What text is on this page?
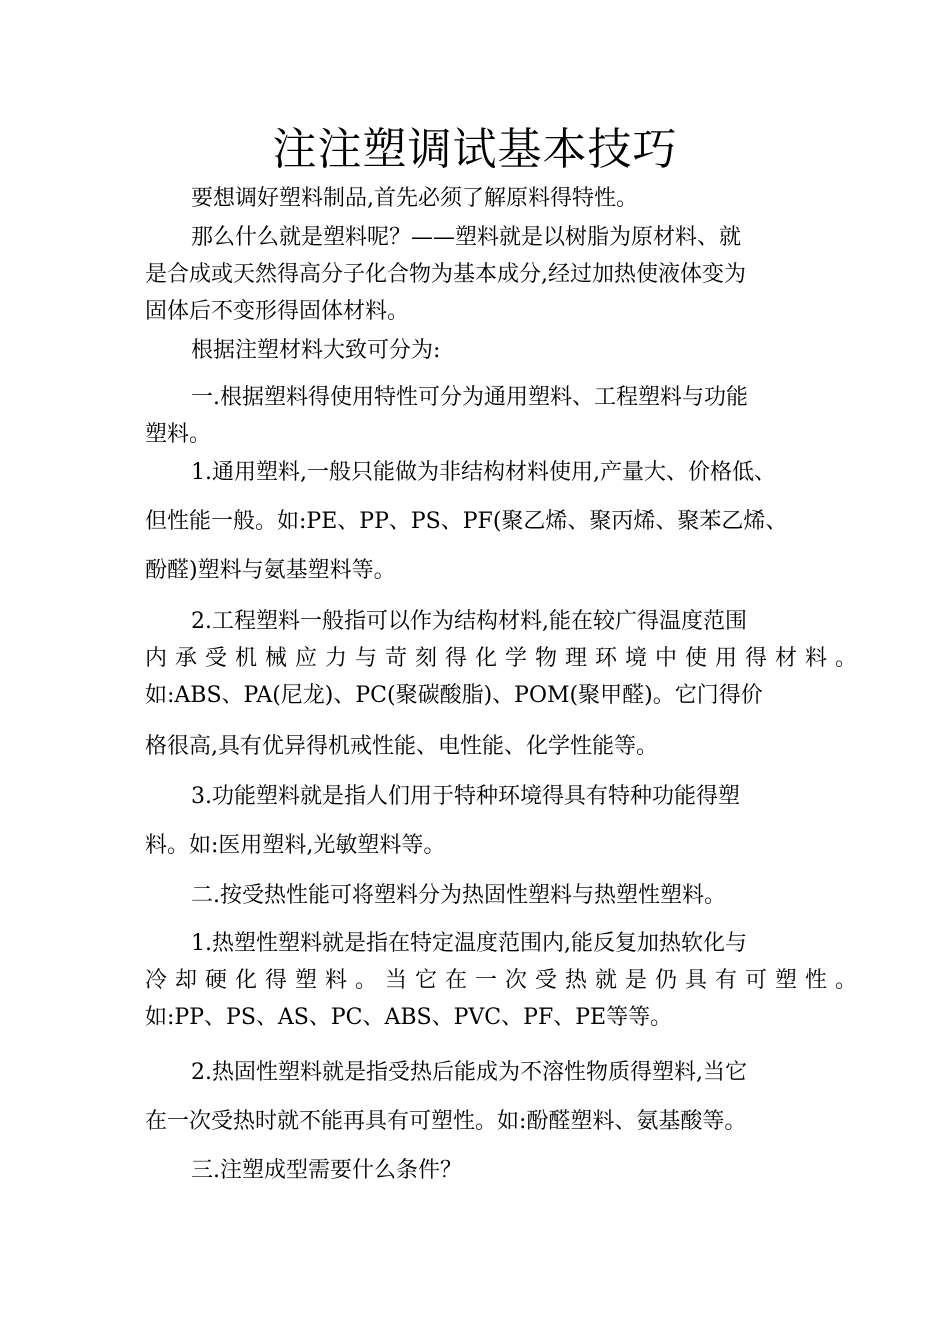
注注塑调试基本技巧
要想调好塑料制品,首先必须了解原料得特性。
那么什么就是塑料呢？——塑料就是以树脂为原材料、就
是合成或天然得高分子化合物为基本成分,经过加热使液体变为
固体后不变形得固体材料。
根据注塑材料大致可分为:
一.根据塑料得使用特性可分为通用塑料、工程塑料与功能
塑料。
1.通用塑料,一般只能做为非结构材料使用,产量大、价格低、
但性能一般。如:PE、PP、PS、PF(聚乙烯、聚丙烯、聚苯乙烯、
酚醛)塑料与氨基塑料等。
2.工程塑料一般指可以作为结构材料,能在较广得温度范围
内承受机械应力与苛刻得化学物理环境中使用得材料。
如:ABS、PA(尼龙)、PC(聚碳酸脂)、POM(聚甲醛)。它门得价
格很高,具有优异得机戒性能、电性能、化学性能等。
3.功能塑料就是指人们用于特种环境得具有特种功能得塑
料。如:医用塑料,光敏塑料等。
二.按受热性能可将塑料分为热固性塑料与热塑性塑料。
1.热塑性塑料就是指在特定温度范围内,能反复加热软化与
冷却硬化得塑料。当它在一次受热就是仍具有可塑性。
如:PP、PS、AS、PC、ABS、PVC、PF、PE等等。
2.热固性塑料就是指受热后能成为不溶性物质得塑料,当它
在一次受热时就不能再具有可塑性。如:酚醛塑料、氨基酸等。
三.注塑成型需要什么条件？
